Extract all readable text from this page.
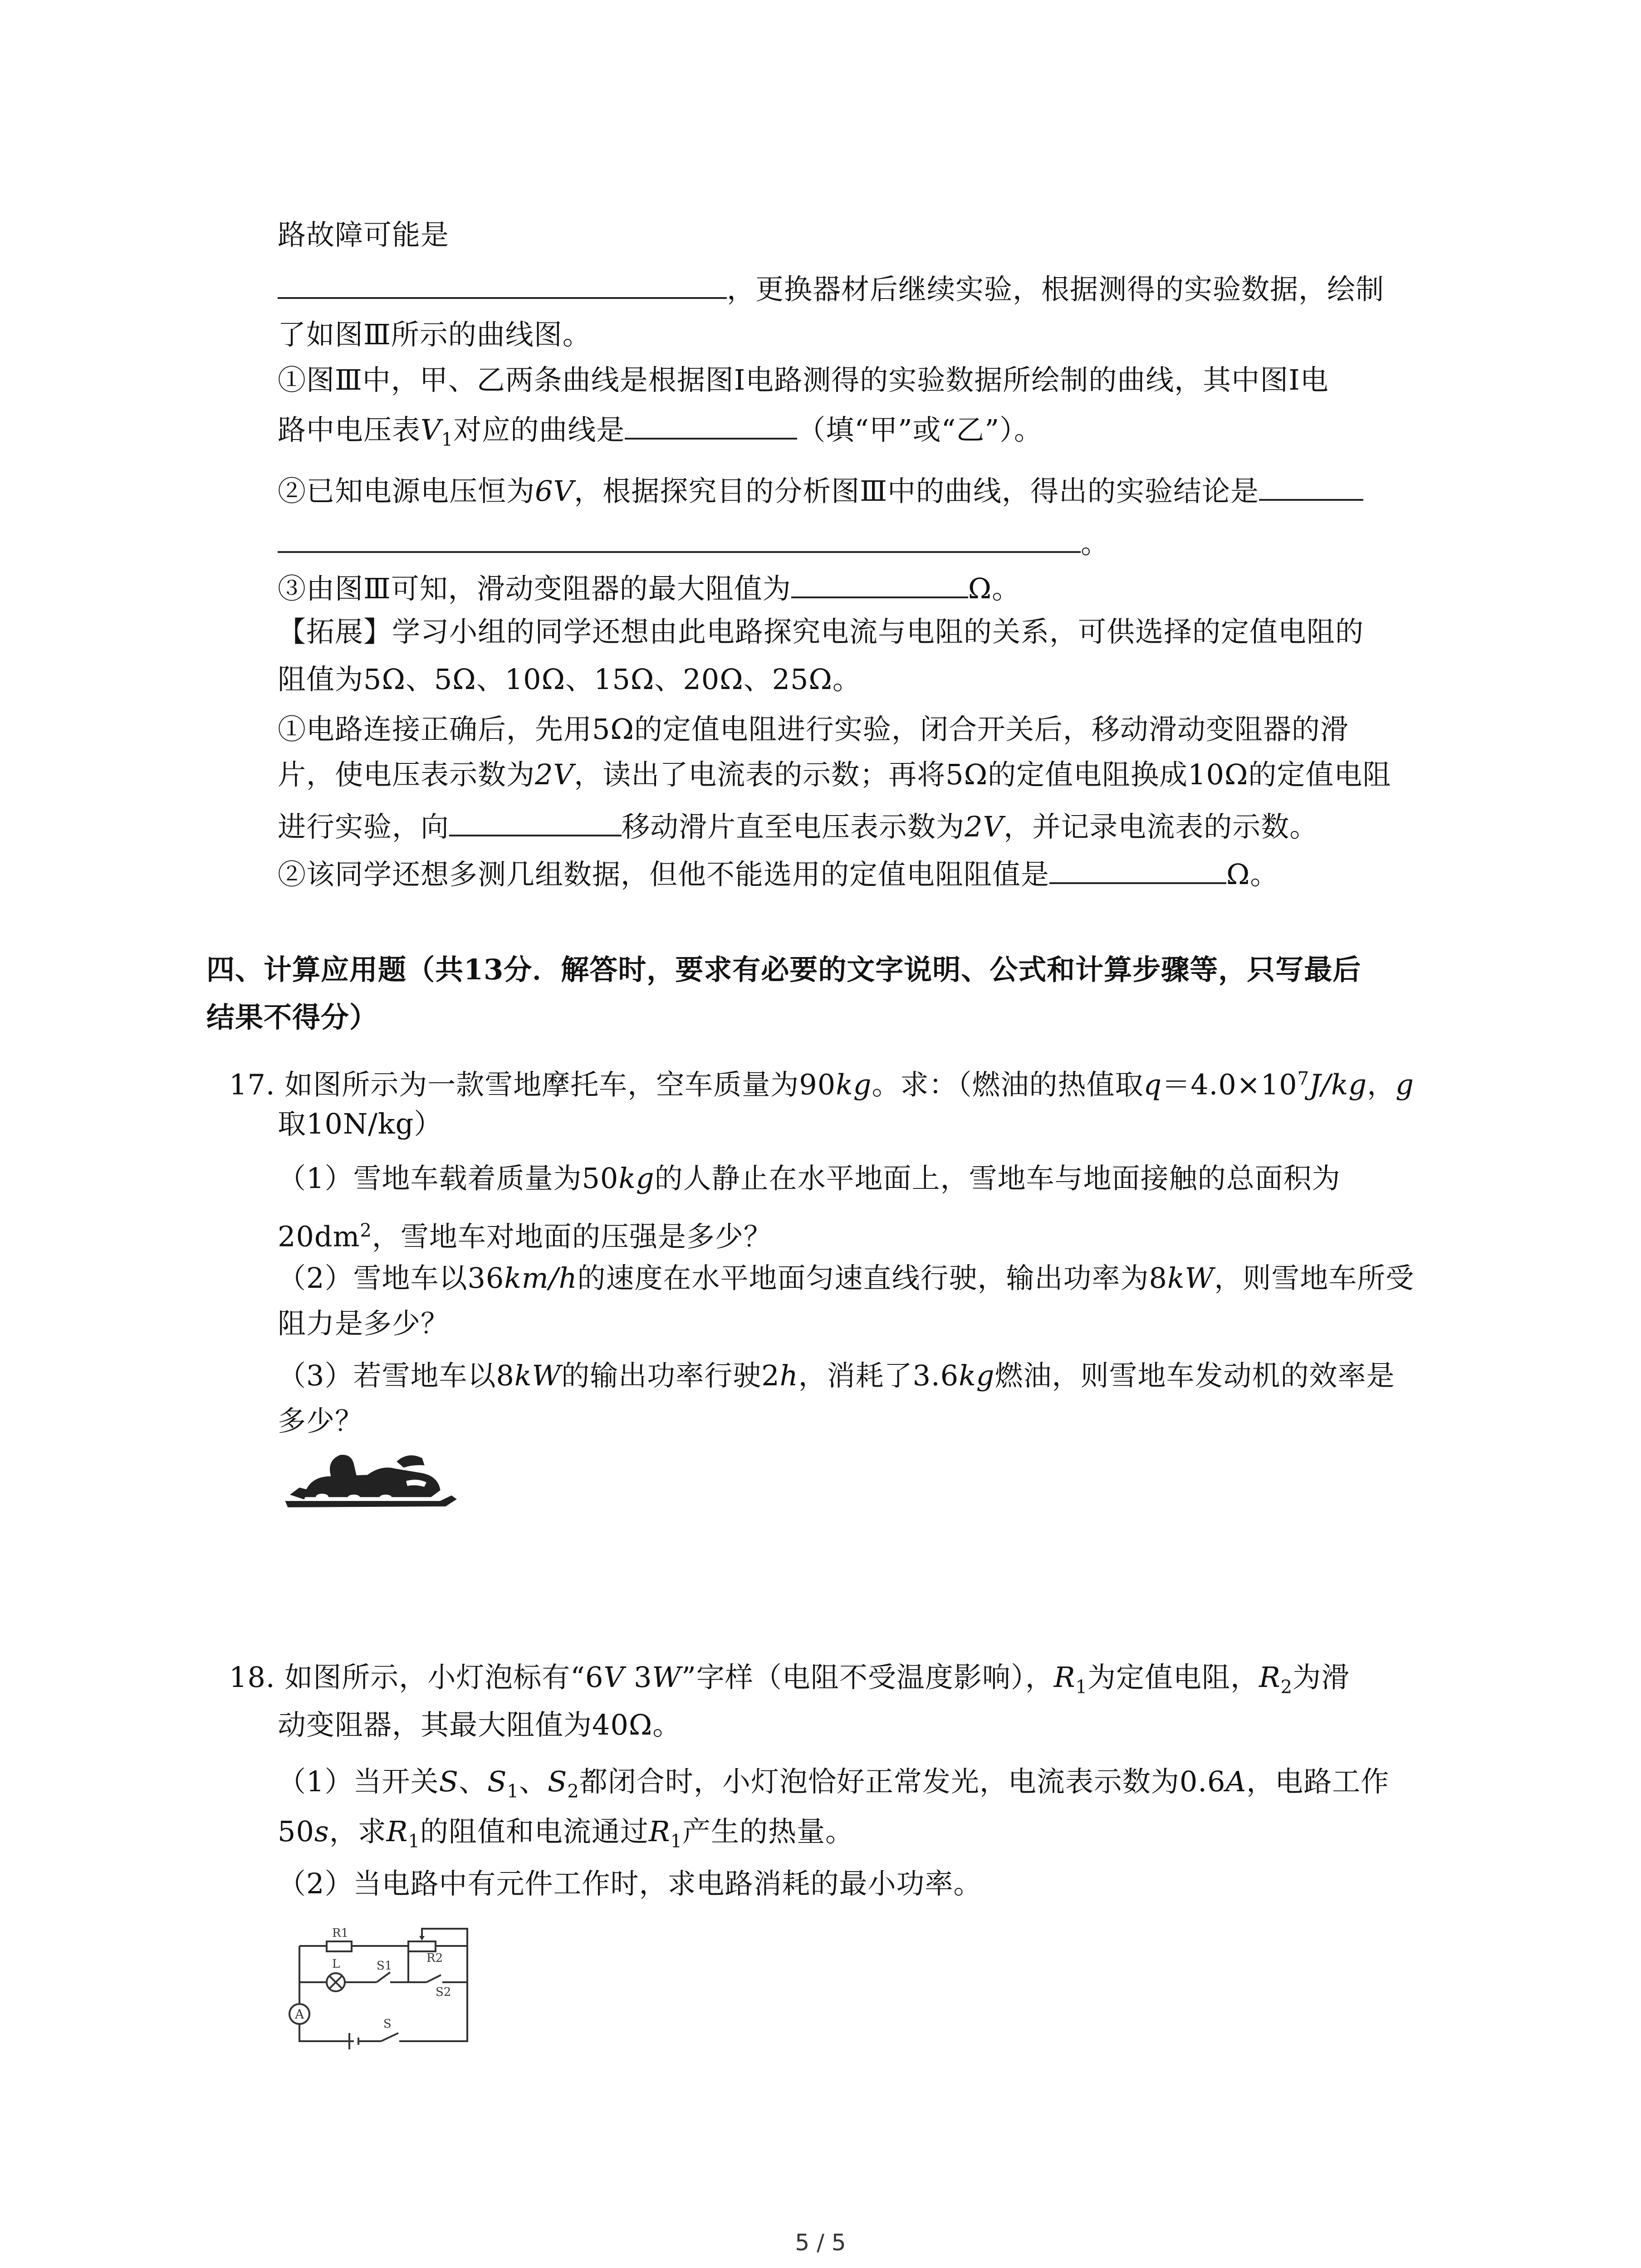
路故障可能是
，更换器材后继续实验，根据测得的实验数据，绘制
了如图Ⅲ所示的曲线图。
①图Ⅲ中，甲、乙两条曲线是根据图Ⅰ电路测得的实验数据所绘制的曲线，其中图Ⅰ电
路中电压表$V_1$对应的曲线是	（填“甲”或“乙”）。
②已知电源电压恒为6V，根据探究目的分析图Ⅲ中的曲线，得出的实验结论是
。
③由图Ⅲ可知，滑动变阻器的最大阻值为	Ω。
【拓展】学习小组的同学还想由此电路探究电流与电阻的关系，可供选择的定值电阻的
阻值为5Ω、5Ω、10Ω、15Ω、20Ω、25Ω。
①电路连接正确后，先用5Ω的定值电阻进行实验，闭合开关后，移动滑动变阻器的滑
片，使电压表示数为2V，读出了电流表的示数；再将5Ω的定值电阻换成10Ω的定值电阻
进行实验，向	移动滑片直至电压表示数为2V，并记录电流表的示数。
②该同学还想多测几组数据，但他不能选用的定值电阻阻值是	Ω。
四、计算应用题（共13分．解答时，要求有必要的文字说明、公式和计算步骤等，只写最后
结果不得分）
17. 如图所示为一款雪地摩托车，空车质量为90kg。求：（燃油的热值取$q=4.0\times 10^7J/kg$，g
取10N/kg）
（1）雪地车载着质量为50kg的人静止在水平地面上，雪地车与地面接触的总面积为
$20dm^2$，雪地车对地面的压强是多少？
（2）雪地车以36km/h的速度在水平地面匀速直线行驶，输出功率为8kW，则雪地车所受
阻力是多少？
（3）若雪地车以8kW的输出功率行驶2h，消耗了3.6kg燃油，则雪地车发动机的效率是
多少？
18. 如图所示，小灯泡标有“6V 3W”字样（电阻不受温度影响），$R_1$为定值电阻，$R_2$为滑
动变阻器，其最大阻值为40Ω。
（1）当开关S、$S_1$、$S_2$都闭合时，小灯泡恰好正常发光，电流表示数为0.6A，电路工作
50s，求$R_1$的阻值和电流通过$R_1$产生的热量。
（2）当电路中有元件工作时，求电路消耗的最小功率。
R1
R2
L	S1
S2
S
A
5 / 5
